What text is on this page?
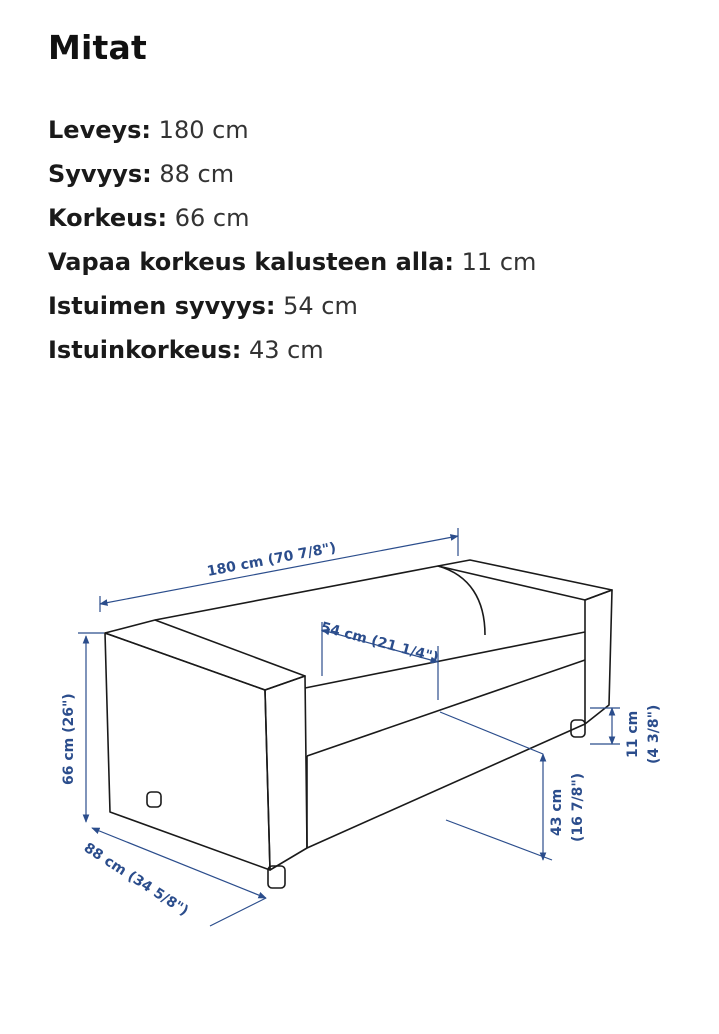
Mitat
Leveys: 180 cm
Syvyys: 88 cm
Korkeus: 66 cm
Vapaa korkeus kalusteen alla: 11 cm
Istuimen syvyys: 54 cm
Istuinkorkeus: 43 cm
180 cm (70 7/8")
54 cm (21 1/4")
66 cm (26")
88 cm (34 5/8")
43 cm (16 7/8")
11 cm (4 3/8")
